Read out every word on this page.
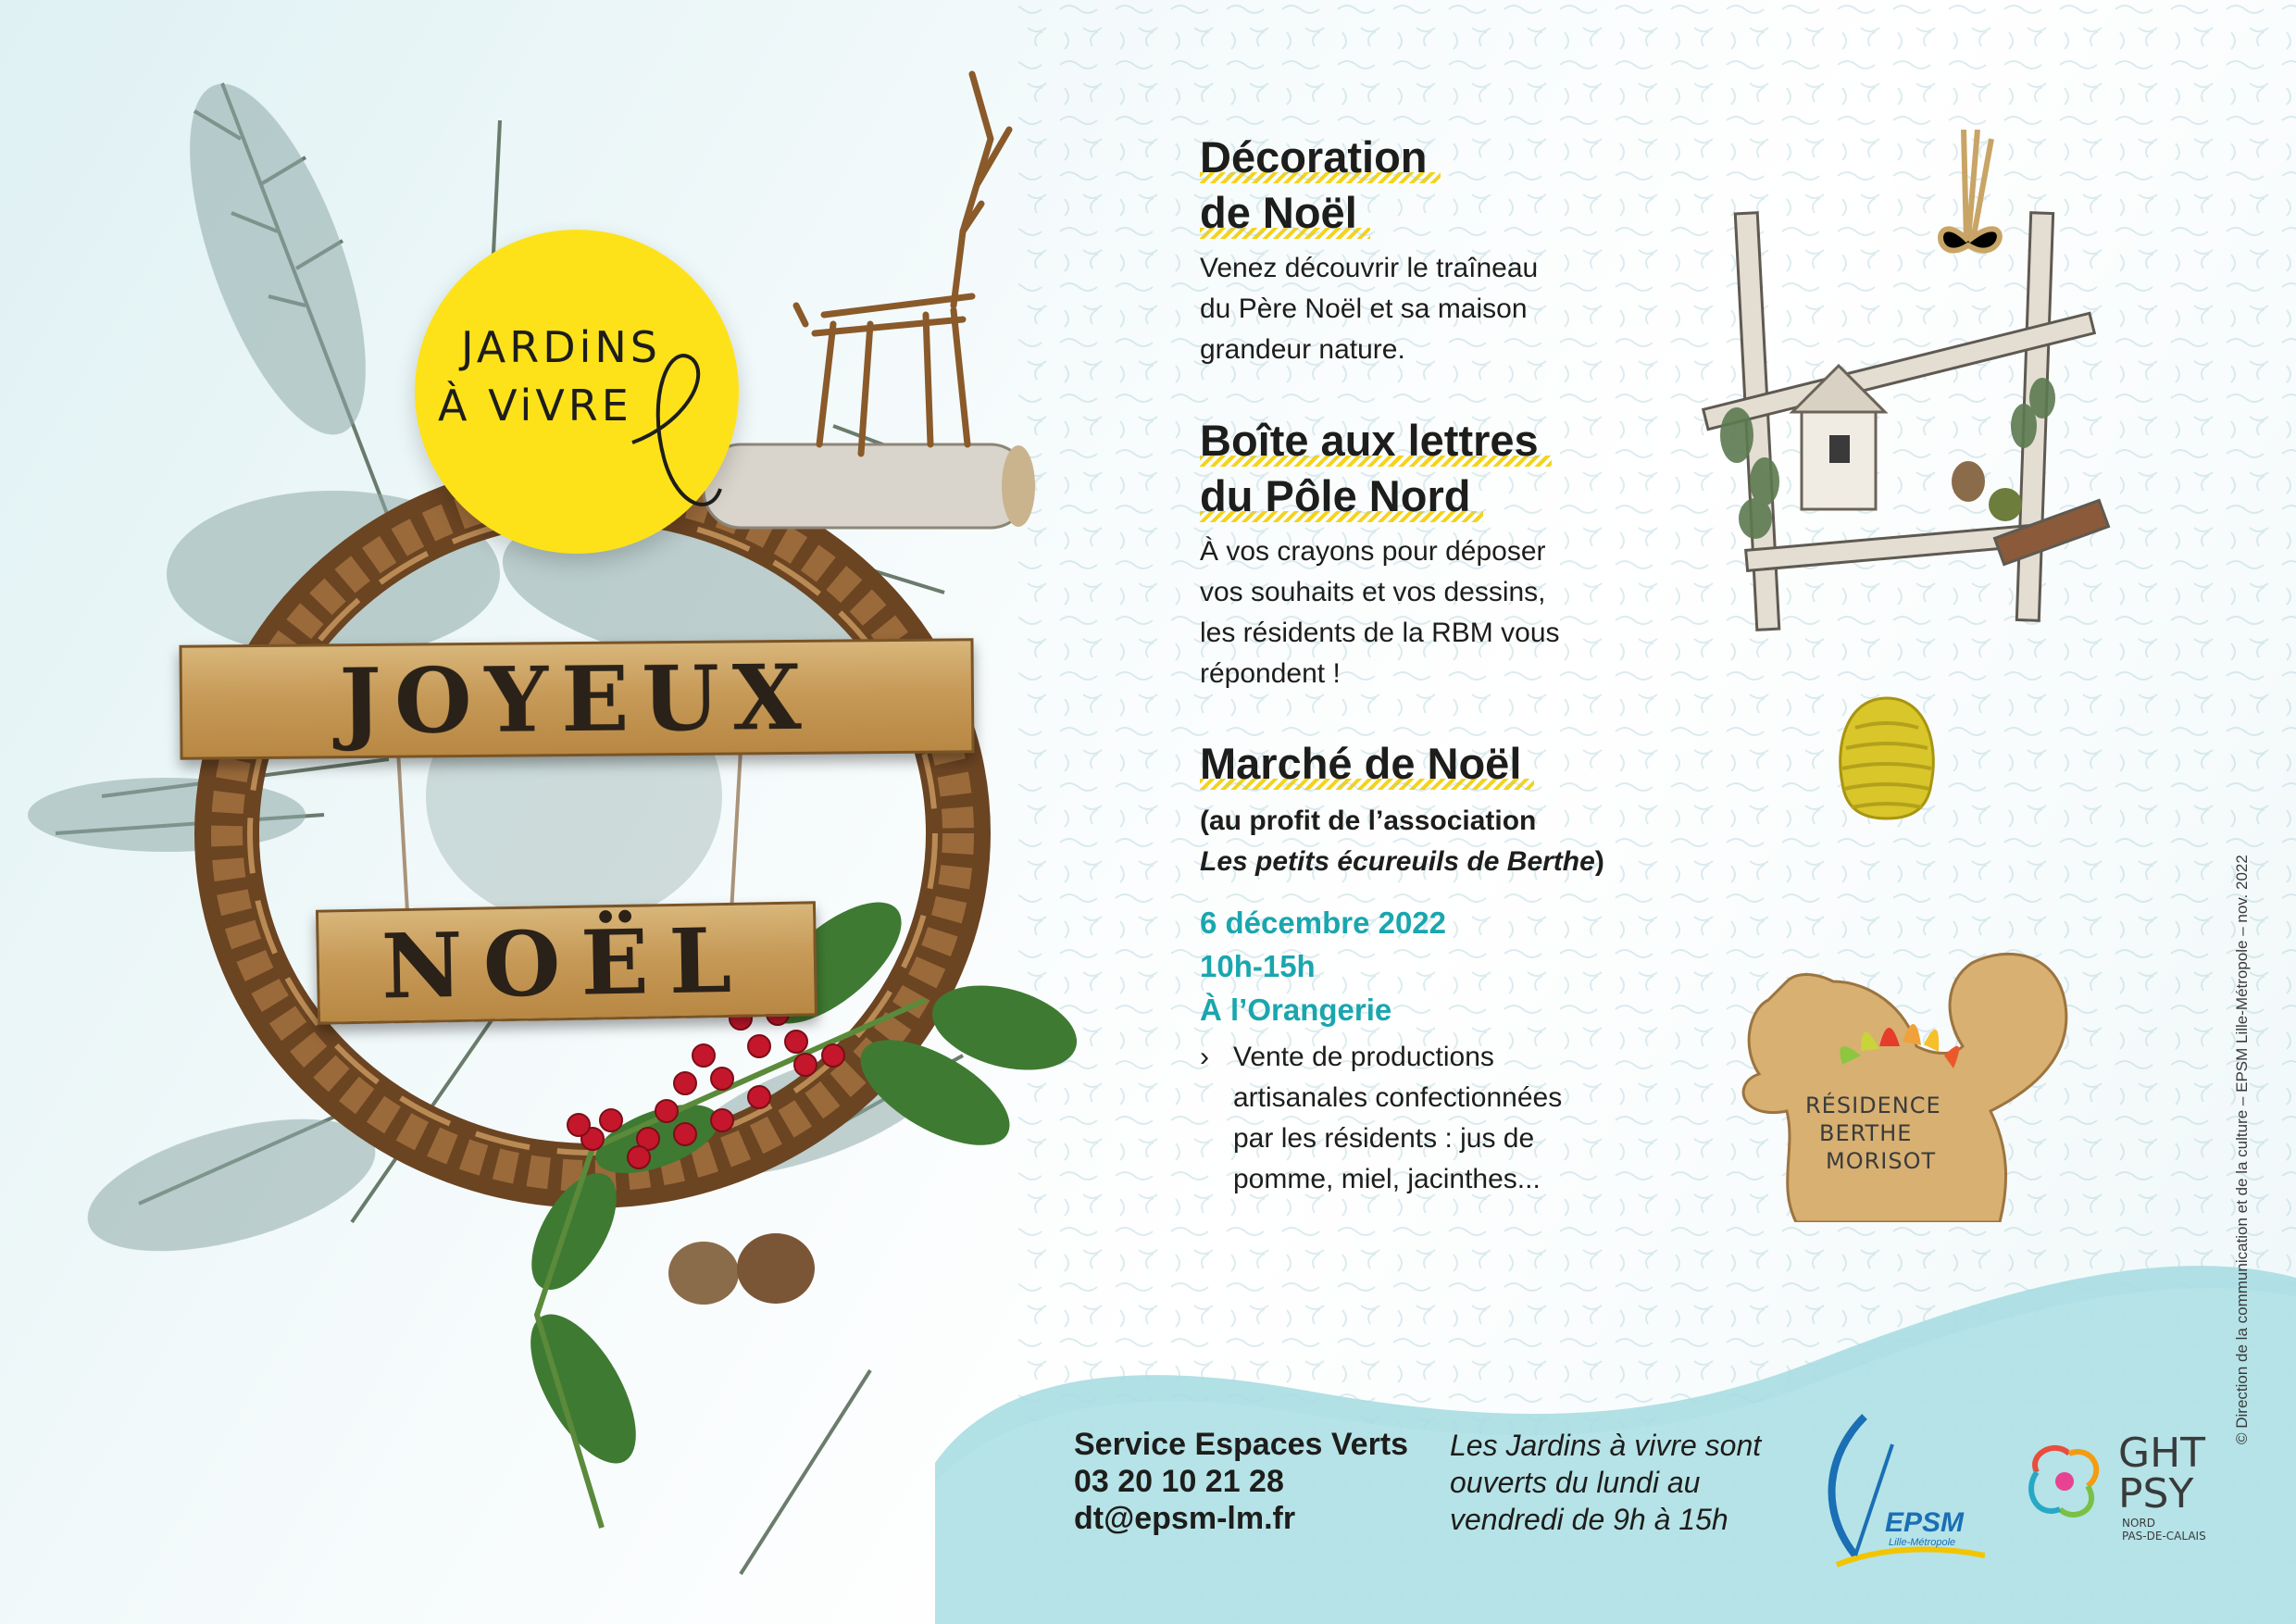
JARDiNS
À ViVRE
JOYEUX
NOËL
Décoration
de Noël

Venez découvrir le traîneau
du Père Noël et sa maison
grandeur nature.

Boîte aux lettres
du Pôle Nord

À vos crayons pour déposer
vos souhaits et vos dessins,
les résidents de la RBM vous
répondent !

Marché de Noël

(au profit de l’association
Les petits écureuils de Berthe)

6 décembre 2022
10h-15h
À l’Orangerie
› Vente de productions
artisanales confectionnées
par les résidents : jus de
pomme, miel, jacinthes...
RÉSIDENCE
BERTHE
MORISOT	© Direction de la communication et de la culture – EPSM Lille-Métropole – nov. 2022
Service Espaces Verts
03 20 10 21 28
dt@epsm-lm.fr
Les Jardins à vivre sont
ouverts du lundi au
vendredi de 9h à 15h	EPSM
Lille-Métropole
GHT
PSY
NORD
PAS-DE-CALAIS
